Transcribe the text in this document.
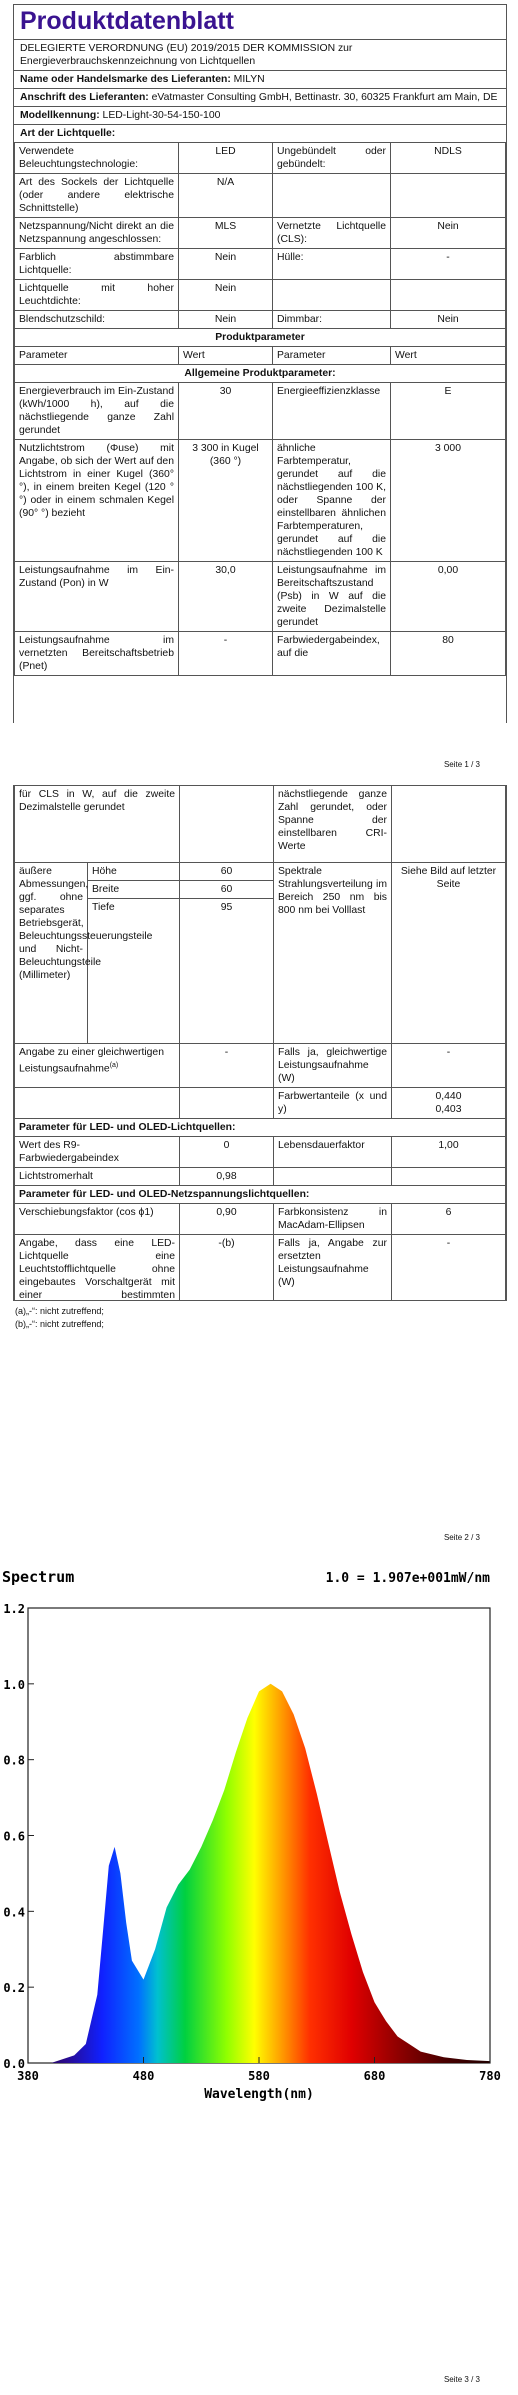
Produktdatenblatt
DELEGIERTE VERORDNUNG (EU) 2019/2015 DER KOMMISSION zur Energieverbrauchskennzeichnung von Lichtquellen
Name oder Handelsmarke des Lieferanten: MILYN
Anschrift des Lieferanten: eVatmaster Consulting GmbH, Bettinastr. 30, 60325 Frankfurt am Main, DE
Modellkennung: LED-Light-30-54-150-100
Art der Lichtquelle:
Verwendete Beleuchtungstechnologie:	LED	Ungebündelt oder gebündelt:	NDLS
Art des Sockels der Lichtquelle (oder andere elektrische Schnittstelle)	N/A		
Netzspannung/Nicht direkt an die Netzspannung angeschlossen:	MLS	Vernetzte Lichtquelle (CLS):	Nein
Farblich abstimmbare Lichtquelle:	Nein	Hülle:	-
Lichtquelle mit hoher Leuchtdichte:	Nein		
Blendschutzschild:	Nein	Dimmbar:	Nein
Produktparameter			
Parameter	Wert	Parameter	Wert
Allgemeine Produktparameter:			
Energieverbrauch im Ein-Zustand (kWh/1000 h), auf die nächstliegende ganze Zahl gerundet	30	Energieeffizienzklasse	E
Nutzlichtstrom (Φuse) mit Angabe, ob sich der Wert auf den Lichtstrom in einer Kugel (360° °), in einem breiten Kegel (120 °°) oder in einem schmalen Kegel (90° °) bezieht	3 300 in Kugel (360 °)	ähnliche Farbtemperatur, gerundet auf die nächstliegenden 100 K, oder Spanne der einstellbaren ähnlichen Farbtemperaturen, gerundet auf die nächstliegenden 100 K	3 000
Leistungsaufnahme im Ein-Zustand (Pon) in W	30,0	Leistungsaufnahme im Bereitschaftszustand (Psb) in W auf die zweite Dezimalstelle gerundet	0,00
Leistungsaufnahme im vernetzten Bereitschaftsbetrieb (Pnet)	-	Farbwiedergabeindex, auf die	80
Seite 1 / 3
für CLS in W, auf die zweite Dezimalstelle gerundet			nächstliegende ganze Zahl gerundet, oder Spanne der einstellbaren CRI-Werte	
äußere Abmessungen, ggf. ohne separates Betriebsgerät, Beleuchtungssteuerungsteile und Nicht-Beleuchtungsteile (Millimeter)	Höhe	60	Spektrale Strahlungsverteilung im Bereich 250 nm bis 800 nm bei Volllast	Siehe Bild auf letzter Seite
	Breite	60		
	Tiefe	95		
Angabe zu einer gleichwertigen Leistungsaufnahme$^{(a)}$		-	Falls ja, gleichwertige Leistungsaufnahme (W)	-
			Farbwertanteile (x und y)	0,440
0,403

Parameter für LED- und OLED-Lichtquellen:				
Wert des R9-Farbwiedergabeindex		0	Lebensdauerfaktor	1,00
Lichtstromerhalt		0,98		
Parameter für LED- und OLED-Netzspannungslichtquellen:				
Verschiebungsfaktor (cos ϕ1)		0,90	Farbkonsistenz in MacAdam-Ellipsen	6
Angabe, dass eine LED-Lichtquelle eine Leuchtstofflichtquelle ohne eingebautes Vorschaltgerät mit einer bestimmten		-(b)	Falls ja, Angabe zur ersetzten Leistungsaufnahme (W)	-

(a)„-“: nicht zutreffend;
(b)„-“: nicht zutreffend;
Seite 2 / 3
0.0
0.2
0.4
0.6
0.8
1.0
1.2
380	480	580	680	780
Spectrum	1.0 = 1.907e+001mW/nm
Wavelength(nm)
Seite 3 / 3
